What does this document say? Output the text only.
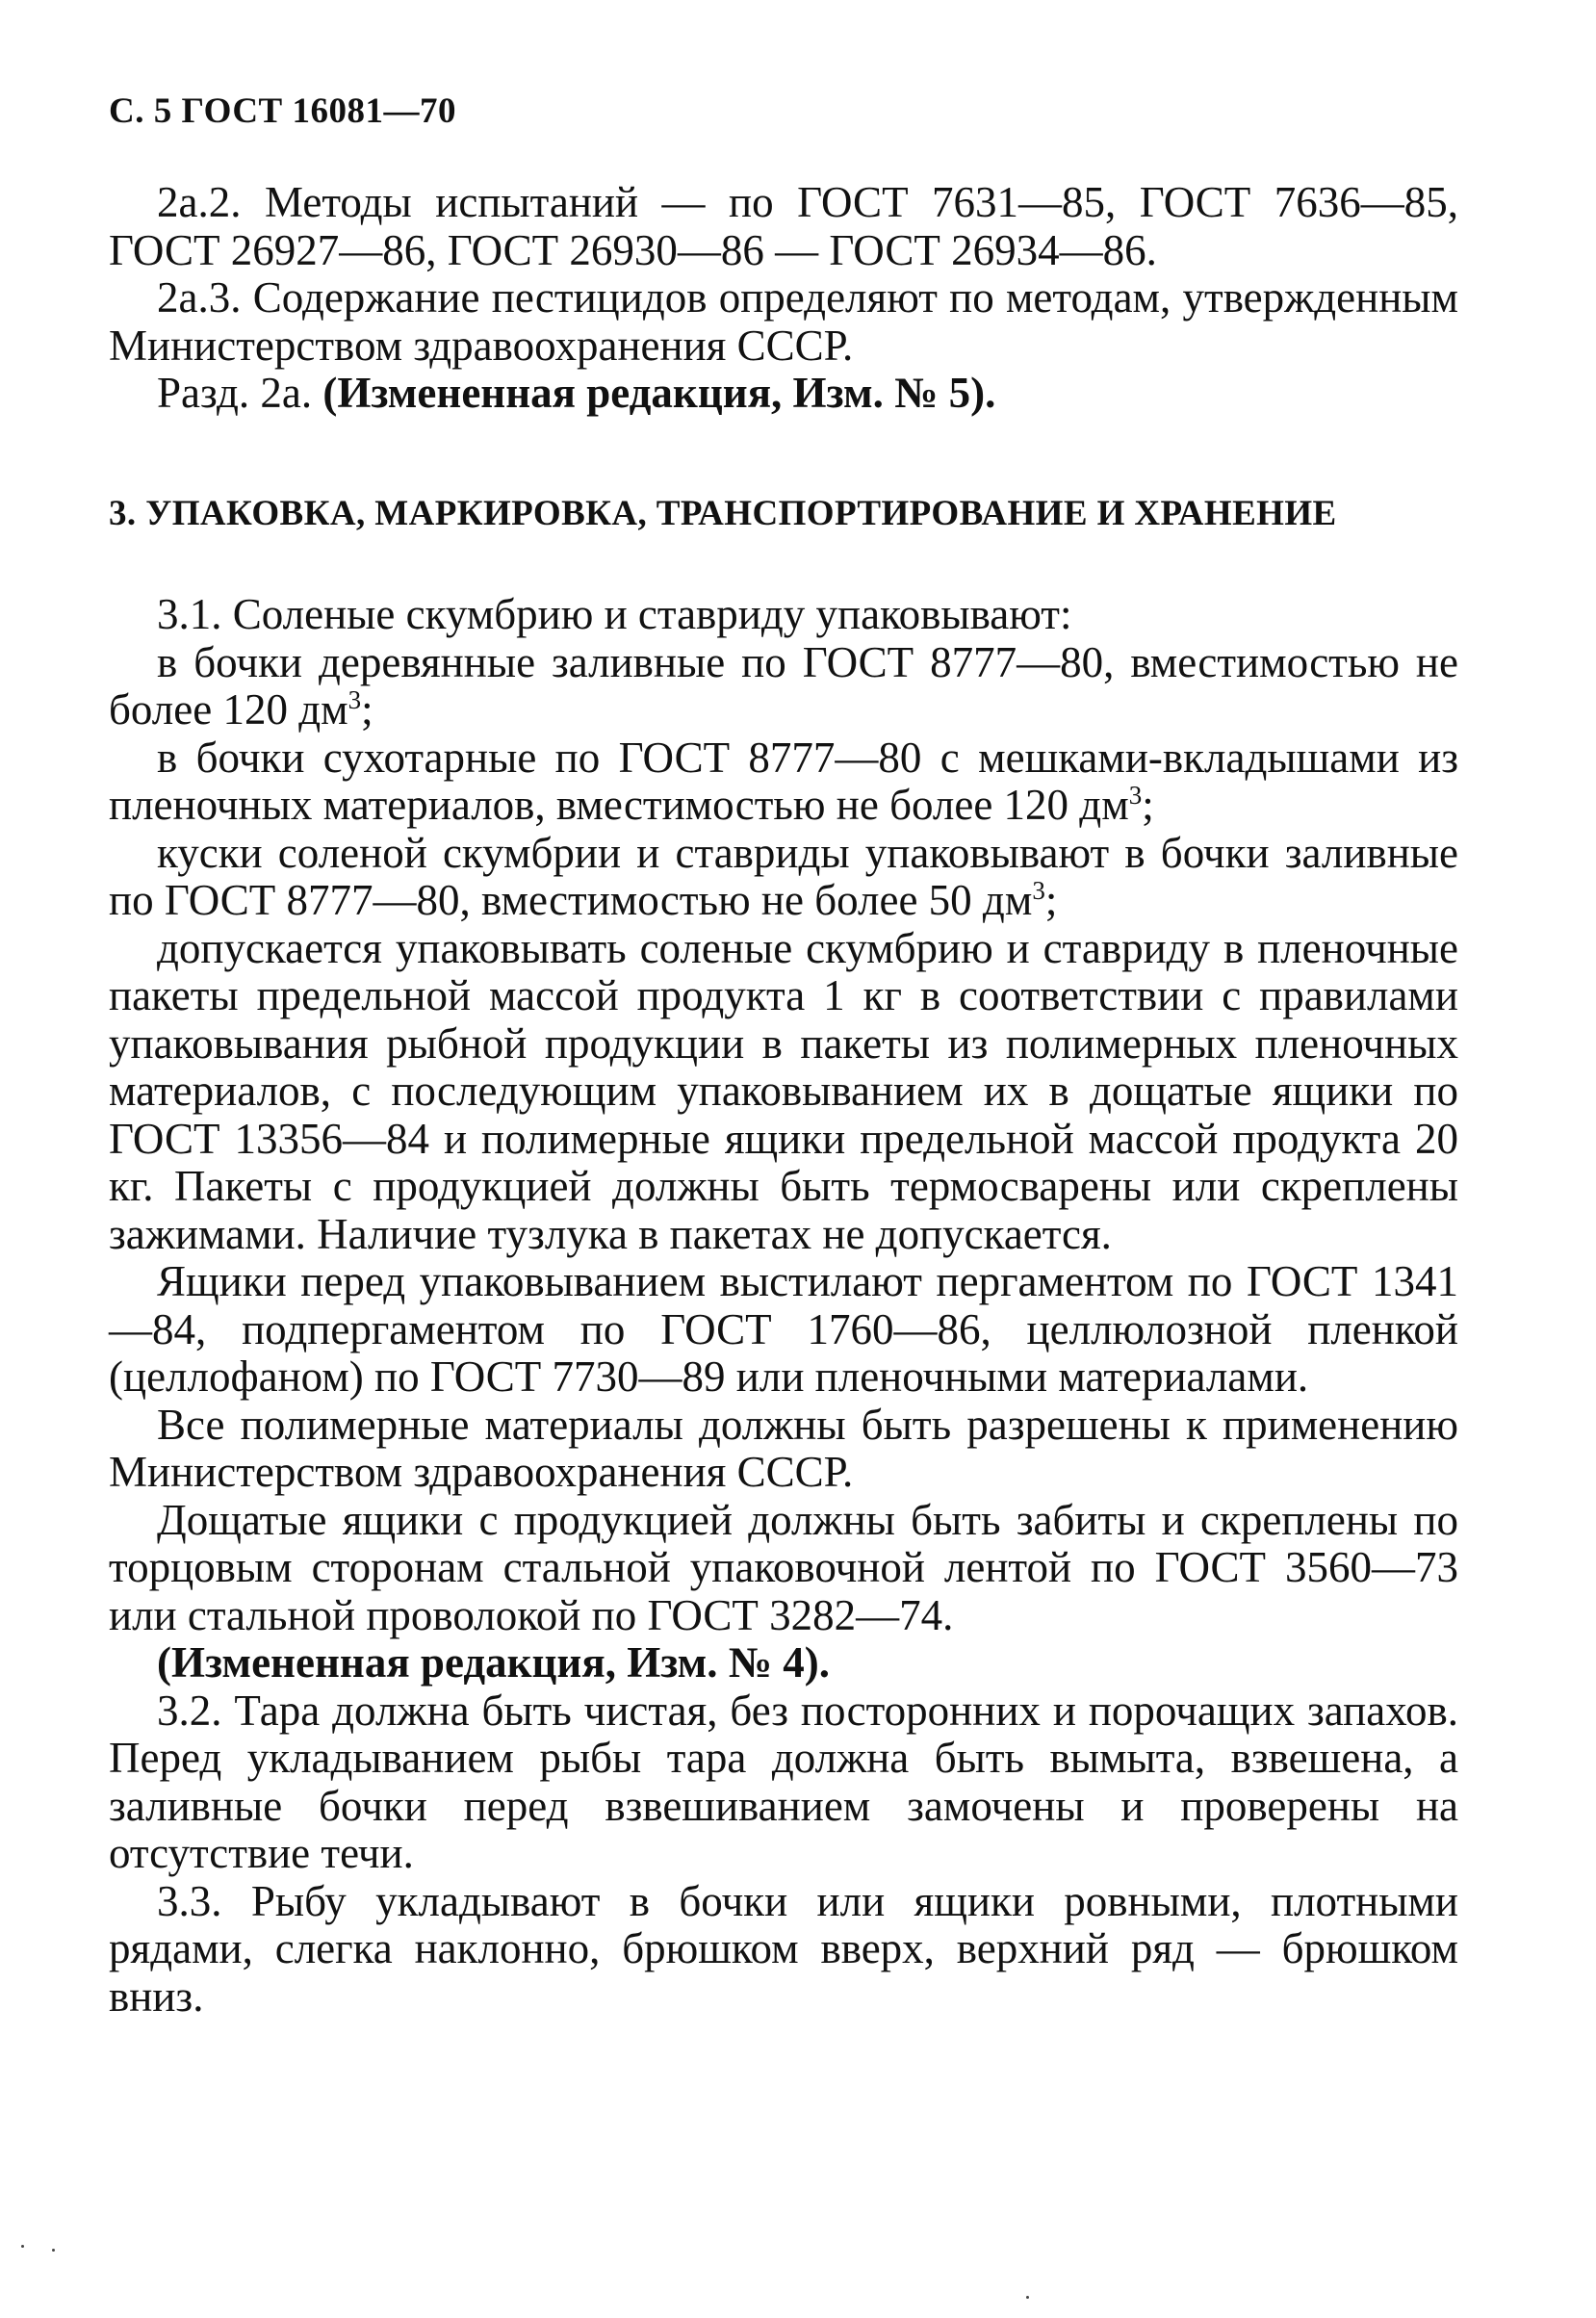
С. 5 ГОСТ 16081—70

2а.2. Методы испытаний — по ГОСТ 7631—85, ГОСТ 7636—85, ГОСТ 26927—86, ГОСТ 26930—86 — ГОСТ 26934—86.

2а.3. Содержание пестицидов определяют по методам, утвержденным Министерством здравоохранения СССР.

Разд. 2а. (Измененная редакция, Изм. № 5).

3. УПАКОВКА, МАРКИРОВКА, ТРАНСПОРТИРОВАНИЕ И ХРАНЕНИЕ

3.1. Соленые скумбрию и ставриду упаковывают:

в бочки деревянные заливные по ГОСТ 8777—80, вместимостью не более 120 $дм^3$;

в бочки сухотарные по ГОСТ 8777—80 с мешками-вкладышами из пленочных материалов, вместимостью не более 120 $дм^3$;

куски соленой скумбрии и ставриды упаковывают в бочки заливные по ГОСТ 8777—80, вместимостью не более 50 $дм^3$;

допускается упаковывать соленые скумбрию и ставриду в пленочные пакеты предельной массой продукта 1 кг в соответствии с правилами упаковывания рыбной продукции в пакеты из полимерных пленочных материалов, с последующим упаковыванием их в дощатые ящики по ГОСТ 13356—84 и полимерные ящики предельной массой продукта 20 кг. Пакеты с продукцией должны быть термосварены или скреплены зажимами. Наличие тузлука в пакетах не допускается.

Ящики перед упаковыванием выстилают пергаментом по ГОСТ 1341—84, подпергаментом по ГОСТ 1760—86, целлюлозной пленкой (целлофаном) по ГОСТ 7730—89 или пленочными материалами.

Все полимерные материалы должны быть разрешены к применению Министерством здравоохранения СССР.

Дощатые ящики с продукцией должны быть забиты и скреплены по торцовым сторонам стальной упаковочной лентой по ГОСТ 3560—73 или стальной проволокой по ГОСТ 3282—74.

(Измененная редакция, Изм. № 4).

3.2. Тара должна быть чистая, без посторонних и порочащих запахов. Перед укладыванием рыбы тара должна быть вымыта, взвешена, а заливные бочки перед взвешиванием замочены и проверены на отсутствие течи.

3.3. Рыбу укладывают в бочки или ящики ровными, плотными рядами, слегка наклонно, брюшком вверх, верхний ряд — брюшком вниз.
